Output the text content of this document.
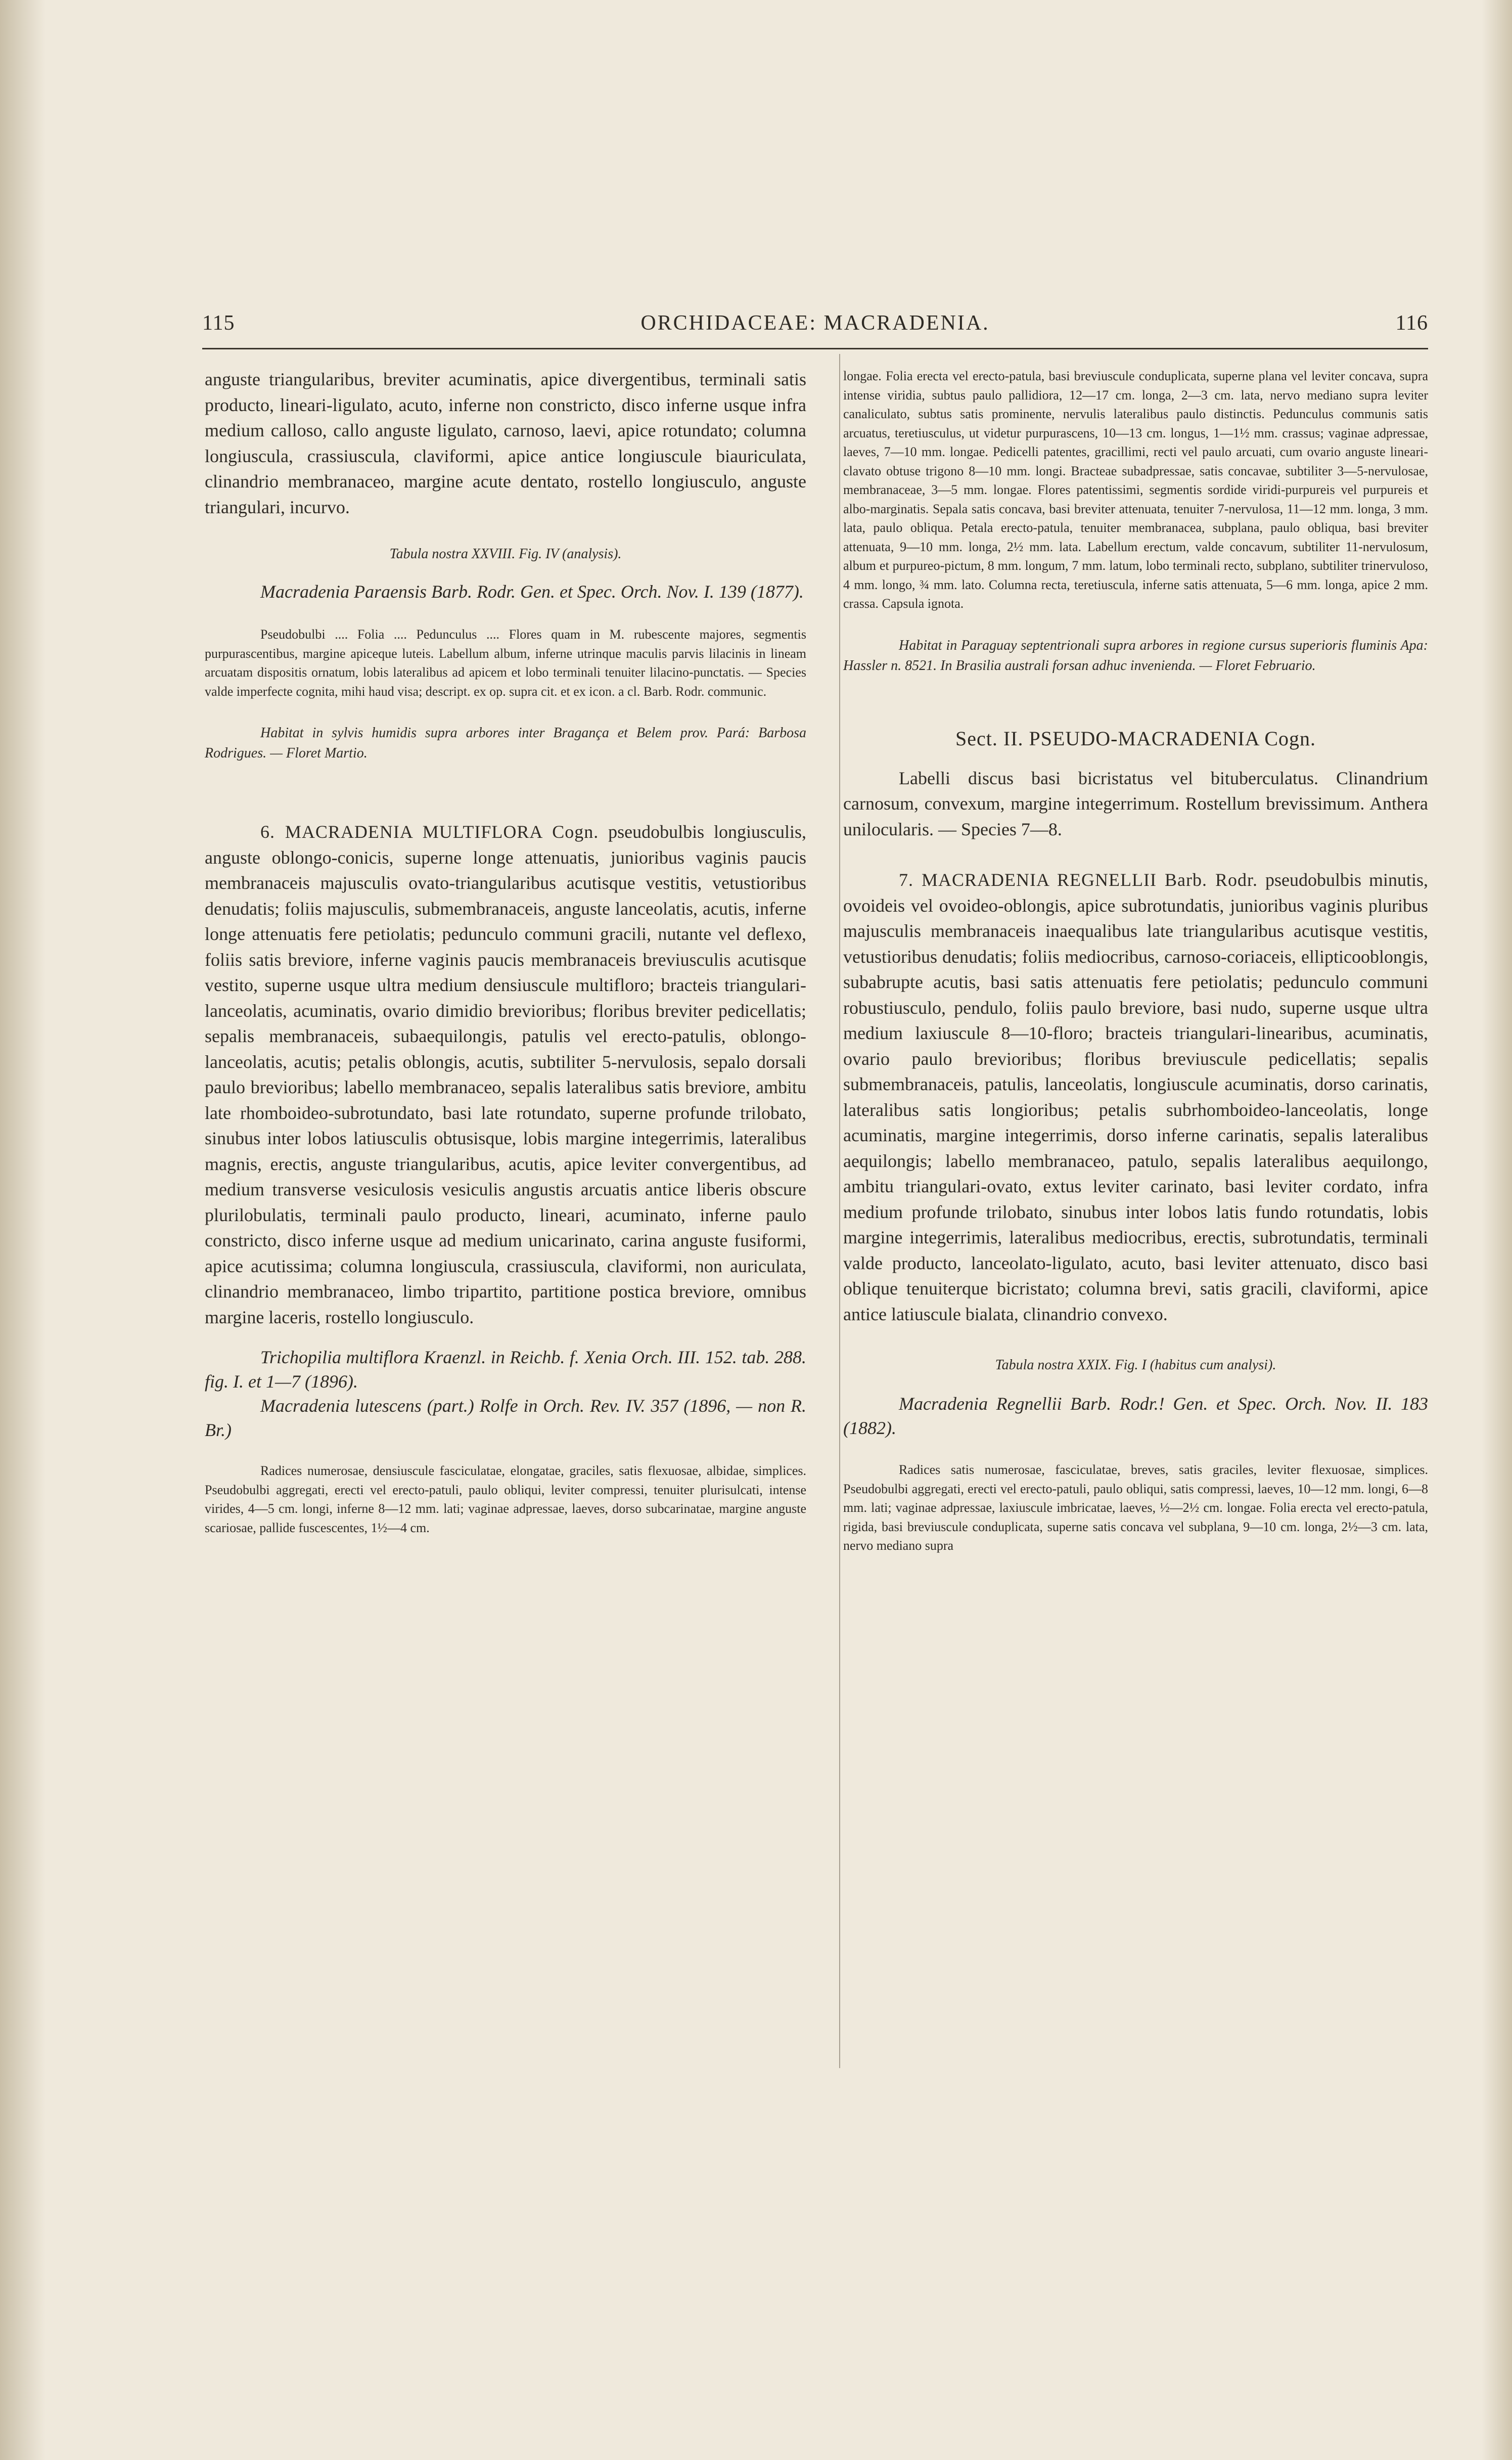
115	ORCHIDACEAE: MACRADENIA.	116

anguste triangularibus, breviter acuminatis, apice divergentibus, terminali satis producto, lineari-ligulato, acuto, inferne non constricto, disco inferne usque infra medium calloso, callo anguste ligulato, carnoso, laevi, apice rotundato; columna longiuscula, crassiuscula, claviformi, apice antice longiuscule biauriculata, clinandrio membranaceo, margine acute dentato, rostello longiusculo, anguste triangulari, incurvo.

Tabula nostra XXVIII. Fig. IV (analysis).

Macradenia Paraensis Barb. Rodr. Gen. et Spec. Orch. Nov. I. 139 (1877).

Pseudobulbi .... Folia .... Pedunculus .... Flores quam in M. rubescente majores, segmentis purpurascentibus, margine apiceque luteis. Labellum album, inferne utrinque maculis parvis lilacinis in lineam arcuatam dispositis ornatum, lobis lateralibus ad apicem et lobo terminali tenuiter lilacino-punctatis. — Species valde imperfecte cognita, mihi haud visa; descript. ex op. supra cit. et ex icon. a cl. Barb. Rodr. communic.

Habitat in sylvis humidis supra arbores inter Bragança et Belem prov. Pará: Barbosa Rodrigues. — Floret Martio.

6. MACRADENIA MULTIFLORA Cogn. pseudobulbis longiusculis, anguste oblongo-conicis, superne longe attenuatis, junioribus vaginis paucis membranaceis majusculis ovato-triangularibus acutisque vestitis, vetustioribus denudatis; foliis majusculis, submembranaceis, anguste lanceolatis, acutis, inferne longe attenuatis fere petiolatis; pedunculo communi gracili, nutante vel deflexo, foliis satis breviore, inferne vaginis paucis membranaceis breviusculis acutisque vestito, superne usque ultra medium densiuscule multifloro; bracteis triangulari-lanceolatis, acuminatis, ovario dimidio brevioribus; floribus breviter pedicellatis; sepalis membranaceis, subaequilongis, patulis vel erecto-patulis, oblongo-lanceolatis, acutis; petalis oblongis, acutis, subtiliter 5-nervulosis, sepalo dorsali paulo brevioribus; labello membranaceo, sepalis lateralibus satis breviore, ambitu late rhomboideo-subrotundato, basi late rotundato, superne profunde trilobato, sinubus inter lobos latiusculis obtusisque, lobis margine integerrimis, lateralibus magnis, erectis, anguste triangularibus, acutis, apice leviter convergentibus, ad medium transverse vesiculosis vesiculis angustis arcuatis antice liberis obscure plurilobulatis, terminali paulo producto, lineari, acuminato, inferne paulo constricto, disco inferne usque ad medium unicarinato, carina anguste fusiformi, apice acutissima; columna longiuscula, crassiuscula, claviformi, non auriculata, clinandrio membranaceo, limbo tripartito, partitione postica breviore, omnibus margine laceris, rostello longiusculo.

Trichopilia multiflora Kraenzl. in Reichb. f. Xenia Orch. III. 152. tab. 288. fig. I. et 1—7 (1896).

Macradenia lutescens (part.) Rolfe in Orch. Rev. IV. 357 (1896, — non R. Br.)

Radices numerosae, densiuscule fasciculatae, elongatae, graciles, satis flexuosae, albidae, simplices. Pseudobulbi aggregati, erecti vel erecto-patuli, paulo obliqui, leviter compressi, tenuiter plurisulcati, intense virides, 4—5 cm. longi, inferne 8—12 mm. lati; vaginae adpressae, laeves, dorso subcarinatae, margine anguste scariosae, pallide fuscescentes, 1½—4 cm.

longae. Folia erecta vel erecto-patula, basi breviuscule conduplicata, superne plana vel leviter concava, supra intense viridia, subtus paulo pallidiora, 12—17 cm. longa, 2—3 cm. lata, nervo mediano supra leviter canaliculato, subtus satis prominente, nervulis lateralibus paulo distinctis. Pedunculus communis satis arcuatus, teretiusculus, ut videtur purpurascens, 10—13 cm. longus, 1—1½ mm. crassus; vaginae adpressae, laeves, 7—10 mm. longae. Pedicelli patentes, gracillimi, recti vel paulo arcuati, cum ovario anguste lineari-clavato obtuse trigono 8—10 mm. longi. Bracteae subadpressae, satis concavae, subtiliter 3—5-nervulosae, membranaceae, 3—5 mm. longae. Flores patentissimi, segmentis sordide viridi-purpureis vel purpureis et albo-marginatis. Sepala satis concava, basi breviter attenuata, tenuiter 7-nervulosa, 11—12 mm. longa, 3 mm. lata, paulo obliqua. Petala erecto-patula, tenuiter membranacea, subplana, paulo obliqua, basi breviter attenuata, 9—10 mm. longa, 2½ mm. lata. Labellum erectum, valde concavum, subtiliter 11-nervulosum, album et purpureo-pictum, 8 mm. longum, 7 mm. latum, lobo terminali recto, subplano, subtiliter trinervuloso, 4 mm. longo, ¾ mm. lato. Columna recta, teretiuscula, inferne satis attenuata, 5—6 mm. longa, apice 2 mm. crassa. Capsula ignota.

Habitat in Paraguay septentrionali supra arbores in regione cursus superioris fluminis Apa: Hassler n. 8521. In Brasilia australi forsan adhuc invenienda. — Floret Februario.

Sect. II. PSEUDO-MACRADENIA Cogn.

Labelli discus basi bicristatus vel bituberculatus. Clinandrium carnosum, convexum, margine integerrimum. Rostellum brevissimum. Anthera unilocularis. — Species 7—8.

7. MACRADENIA REGNELLII Barb. Rodr. pseudobulbis minutis, ovoideis vel ovoideo-oblongis, apice subrotundatis, junioribus vaginis pluribus majusculis membranaceis inaequalibus late triangularibus acutisque vestitis, vetustioribus denudatis; foliis mediocribus, carnoso-coriaceis, ellipticooblongis, subabrupte acutis, basi satis attenuatis fere petiolatis; pedunculo communi robustiusculo, pendulo, foliis paulo breviore, basi nudo, superne usque ultra medium laxiuscule 8—10-floro; bracteis triangulari-linearibus, acuminatis, ovario paulo brevioribus; floribus breviuscule pedicellatis; sepalis submembranaceis, patulis, lanceolatis, longiuscule acuminatis, dorso carinatis, lateralibus satis longioribus; petalis subrhomboideo-lanceolatis, longe acuminatis, margine integerrimis, dorso inferne carinatis, sepalis lateralibus aequilongis; labello membranaceo, patulo, sepalis lateralibus aequilongo, ambitu triangulari-ovato, extus leviter carinato, basi leviter cordato, infra medium profunde trilobato, sinubus inter lobos latis fundo rotundatis, lobis margine integerrimis, lateralibus mediocribus, erectis, subrotundatis, terminali valde producto, lanceolato-ligulato, acuto, basi leviter attenuato, disco basi oblique tenuiterque bicristato; columna brevi, satis gracili, claviformi, apice antice latiuscule bialata, clinandrio convexo.

Tabula nostra XXIX. Fig. I (habitus cum analysi).

Macradenia Regnellii Barb. Rodr.! Gen. et Spec. Orch. Nov. II. 183 (1882).

Radices satis numerosae, fasciculatae, breves, satis graciles, leviter flexuosae, simplices. Pseudobulbi aggregati, erecti vel erecto-patuli, paulo obliqui, satis compressi, laeves, 10—12 mm. longi, 6—8 mm. lati; vaginae adpressae, laxiuscule imbricatae, laeves, ½—2½ cm. longae. Folia erecta vel erecto-patula, rigida, basi breviuscule conduplicata, superne satis concava vel subplana, 9—10 cm. longa, 2½—3 cm. lata, nervo mediano supra
